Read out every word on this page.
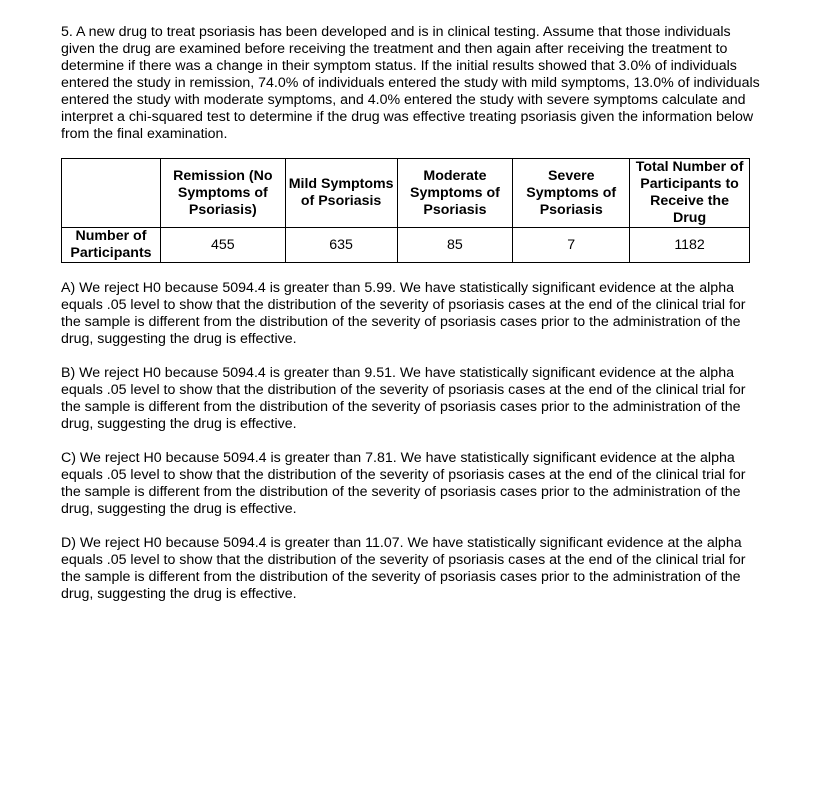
5. A new drug to treat psoriasis has been developed and is in clinical testing. Assume that those individuals given the drug are examined before receiving the treatment and then again after receiving the treatment to determine if there was a change in their symptom status. If the initial results showed that 3.0% of individuals entered the study in remission, 74.0% of individuals entered the study with mild symptoms, 13.0% of individuals entered the study with moderate symptoms, and 4.0% entered the study with severe symptoms calculate and interpret a chi-squared test to determine if the drug was effective treating psoriasis given the information below from the final examination.

	Remission (No Symptoms of Psoriasis)	Mild Symptoms of Psoriasis	Moderate Symptoms of Psoriasis	Severe Symptoms of Psoriasis	Total Number of Participants to Receive the Drug
Number of Participants	455	635	85	7	1182

A) We reject H0 because 5094.4 is greater than 5.99. We have statistically significant evidence at the alpha equals .05 level to show that the distribution of the severity of psoriasis cases at the end of the clinical trial for the sample is different from the distribution of the severity of psoriasis cases prior to the administration of the drug, suggesting the drug is effective.

B) We reject H0 because 5094.4 is greater than 9.51. We have statistically significant evidence at the alpha equals .05 level to show that the distribution of the severity of psoriasis cases at the end of the clinical trial for the sample is different from the distribution of the severity of psoriasis cases prior to the administration of the drug, suggesting the drug is effective.

C) We reject H0 because 5094.4 is greater than 7.81. We have statistically significant evidence at the alpha equals .05 level to show that the distribution of the severity of psoriasis cases at the end of the clinical trial for the sample is different from the distribution of the severity of psoriasis cases prior to the administration of the drug, suggesting the drug is effective.

D) We reject H0 because 5094.4 is greater than 11.07. We have statistically significant evidence at the alpha equals .05 level to show that the distribution of the severity of psoriasis cases at the end of the clinical trial for the sample is different from the distribution of the severity of psoriasis cases prior to the administration of the drug, suggesting the drug is effective.
